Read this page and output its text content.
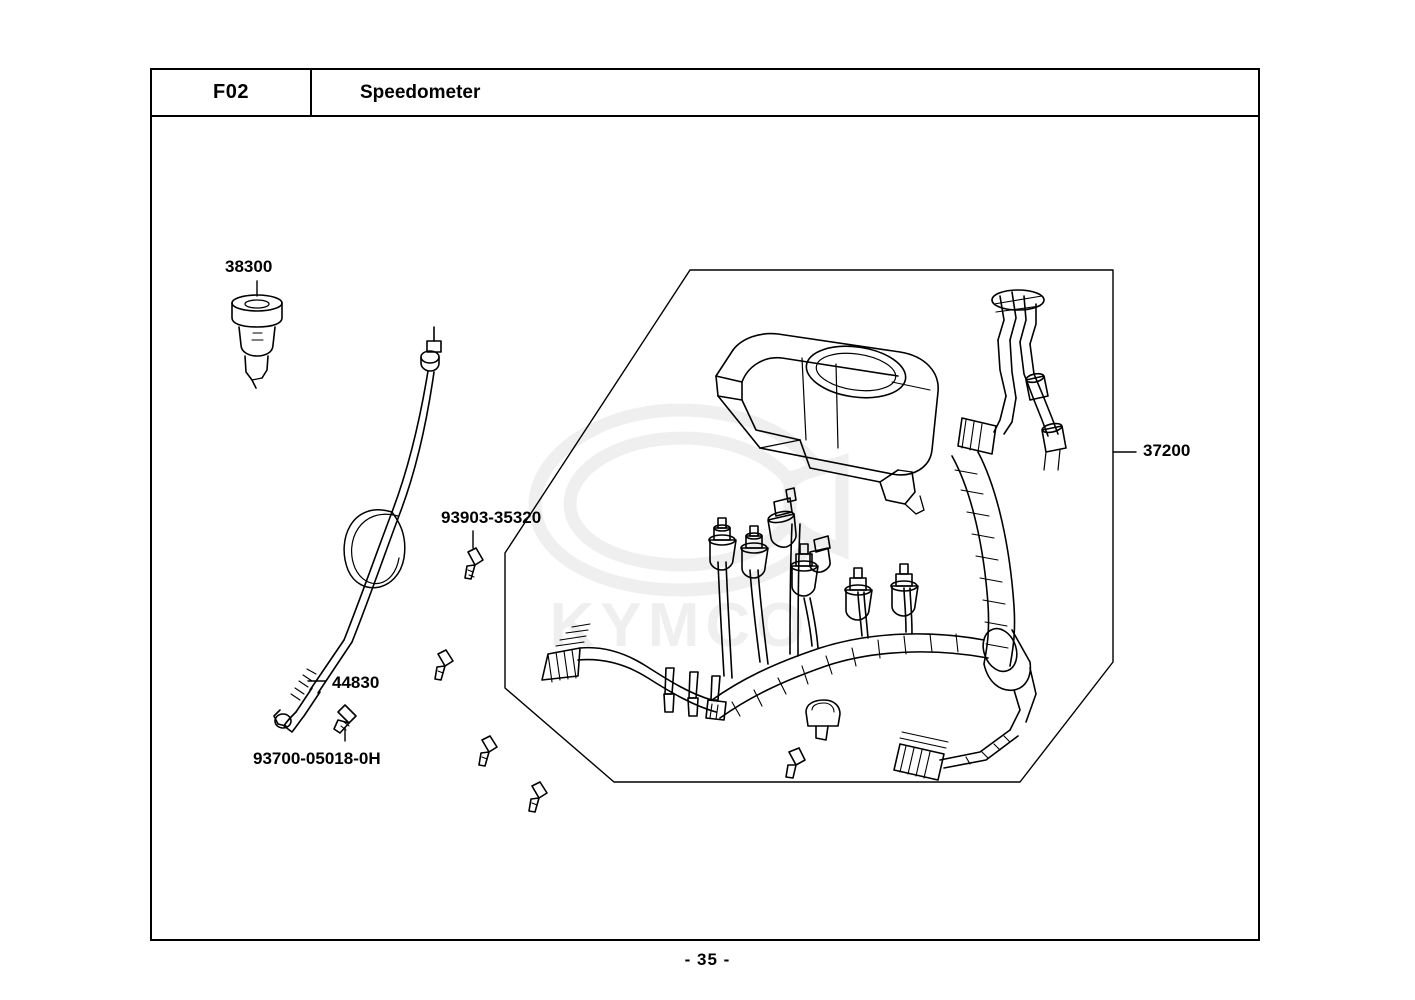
F02	Speedometer
KYMCO
38300
93903-35320
44830
93700-05018-0H
37200
- 35 -
